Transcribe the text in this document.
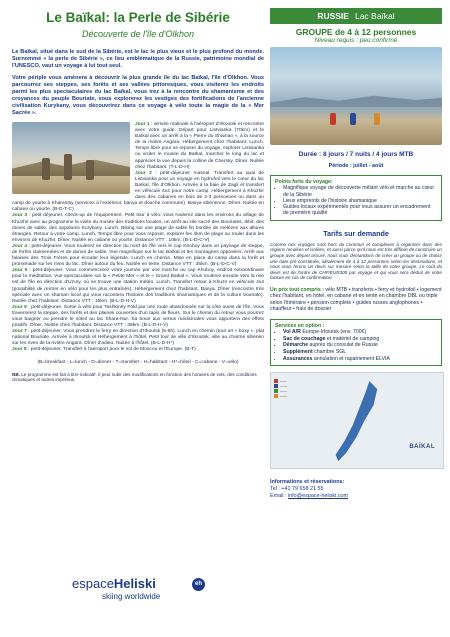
Le Baïkal: la Perle de Sibérie
Découverte de l'île d'Olkhon

Le Baïkal, situé dans le sud de la Sibérie, est le lac le plus vieux et le plus profond du monde. Surnommé « la perle de Sibérie », ce lieu emblématique de la Russie, patrimoine mondial de l'UNESCO, vaut un voyage à lui tout seul.

Votre périple vous amènera à découvrir la plus grande île du lac Baïkal, l'île d'Olkhon. Vous parcourrez ses steppes, ses forêts et ses vallées pittoresques, vous visiterez les endroits parmi les plus spectaculaires du lac Baïkal, vous irez à la rencontre du shamanisme et des croyances du peuple Bouriate, vous explorerez les vestiges des fortifications de l'ancienne civilisation Kurykany, vous découvrirez dans ce voyage à vélo toute la magie de la « Mer Sacrée ».

Jour 1 : arrivée matinale à l'aéroport d'Irkoutsk et rencontre avec votre guide. Départ pour Listvianka (70km) et le Baïkal avec un arrêt à la « Pierre du Shaman », à la source de la rivière Angara. Hébergement chez l'habitant. Lunch. Temps libre pour se reposer du voyage, explorer Listvianka ou visiter le musée du Baïkal, marcher le long du lac et apprécier la vue depuis la colline de Chersky. Dîner. Nuitée chez l'habitant. (T-L-D-H)
Jour 2 : petit-déjeuner matinal. Transfert au quai de Listvianka pour un voyage en hydrofoil vers le cœur du lac Baïkal, l'île d'Olkhon. Arrivée à la baie de Zagli et transfert en véhicule 4x4 pour notre camp. Hébergement à Khuzhir dans des cabanes en bois de 2-3 personnes ou dans un camp de yourte à Kharantsy (services à l'extérieur, banya et douche commune). Banya sibérienne. Dîner. Nuitée en cabane ou yourte. (B-D-T-C)
Jour 3 : petit déjeuner, check-up de l'équipement. Petit tour à vélo: vous roulerez dans les environs du village de Khuzhir avec au programme la visite du musée des traditions locales, un arrêt au site sacré des Bouriates, Ikhit, des dunes de sable, des oppidums Kurykany. Lunch. Biking sur une plage de sable fin bordée de mélèzes aux allures étranges. Retour à votre camp. Lunch. Temps libre pour vous reposer, explorer les 4km de plage ou rouler dans les environs de Khuzhir. Dîner. Nuitée en cabane ou yourte. Distance VTT : 10km. (B-L-D-C-V)
Jour 4 : petit-déjeuner. Vous roulerez en direction du nord de l'île vers le cap Khoboy dans un paysage de steppe, de forêts clairsemées et de dunes de sable. Vue magnifique sur le lac Baïkal et les montagnes opposées. Arrêt aux falaises des Trois Frères pour écouter leur légende. Lunch en chemin. Mise en place du camp dans la forêt et promenade sur les rives du lac. Dîner autour du feu. Nuitée en tente. Distance VTT : 35km. (B-L-D-C-V)
Jour 5 : petit-déjeuner. Vous commencerez votre journée par une marche au cap Khoboy, endroit extraordinaire pour la méditation. Vue spectaculaire sur la « Petite Mer » et le « Grand Baïkal ». Vous roulerez ensuite vers la rive est de l'île en direction d'Uzury, où se trouve une station météo. Lunch. Transfert retour à Khuzir en véhicule 4x4 (possibilité de rentrer en vélo pour les plus entraînés). Hébergement chez l'habitant. Banya. Dîner (rencontre très spéciale avec un shaman local qui vous racontera l'histoire des traditions shamaniques et de la culture bouriate). Nuitée chez l'habitant. Distance VTT : 15km. (B-L-D-H-V)
Jour 6 : petit-déjeuner. Sortie à vélo pour Tashkiney Fold par une route abandonnée sur la côte ouest de l'île. Vous traverserez la steppe, des forêts et des plaines couvertes d'un tapis de fleurs. Sur le chemin du retour vous pourrez vous baigner ou prendre le soleil au lac Shara-Nur. Sa boue aux vertus médicinales vous apportera des effets positifs. Dîner. Nuitée chez l'habitant. Distance VTT : 38km. (B-L-D-H-V)
Jour 7 : petit-déjeuner. Vous prendrez le ferry en direction d'Irkoutsk (5-6h). Lunch en chemin (tour urt « boxy », plat national Bouriate. Arrivée à Irkoutsk et Hébergement à l'hôtel. Petit tour de ville d'Irkoutsk, ville au charme sibérien sur les rives de la rivière Angara. Dîner d'adieu. Nuitée à l'hôtel. (B-L-D-H*)
Jour 8 : petit-déjeuner. Transfert à l'aéroport pour le vol de Moscou et l'Europe. (B-T)
(B=breakfast - L=lunch - D=dinner - T=transfert - H=habitant - H*=hôtel - C=cabane - V=vélo)
NB. Le programme est fait à titre indicatif. Il peut subir des modifications en fonction des horaires de vols, des conditions climatiques et autres imprévus.
espaceHeliski	eh
skiing worldwide
RUSSIE Lac Baïkal
GROUPE de 4 à 12 personnes
Niveau requis : peu confirmé
Durée : 8 jours / 7 nuits / 4 jours MTB
Période : juillet - août
Points forts du voyage:
• Magnifique voyage de découverte mêlant vélo et marche au cœur de la Sibérie
• Lieux empreints de l'histoire shamanique
• Guides locaux expérimentés pour vous assurer un encadrement de première qualité
Tarifs sur demande
Comme nos voyages sont hors du commun et complexes à organiser dans des régions reculées et isolées, et aussi parce qu'il nous est très difficile de construire un groupe avec départ assuré, nous vous demandons de créer un groupe ou de choisir une date pré-constituée, idéalement de 4 à 12 personnes selon les destinations, et nous vous ferons un devis sur mesure selon la taille de votre groupe. Le coût du devis est de l'ordre de CHF/EUR300 par voyage et qui vous sera déduit de votre facture en cas de confirmation.
Un prix tout compris : vélo MTB • transferts • ferry et hydrofoil • logement chez l'habitant, en hôtel, en cabane et en tente en chambre DBL ou triple selon l'itinéraire • pension complète • guides russes anglophones • chauffeur • frais de dossier
Services en option :
• Vol A/R Europe-Irkoutsk (env. 700€)
• Sac de couchage et matériel de camping
• Démarche auprès du consulat de Russie
• Supplément chambre SGL
• Assurances annulation et rapatriement ELVIA
——
——
——
——
BAÏKAL
Informations et réservations:
Tel : +41 79 658 21 55
Email : info@espace-heliski.com
